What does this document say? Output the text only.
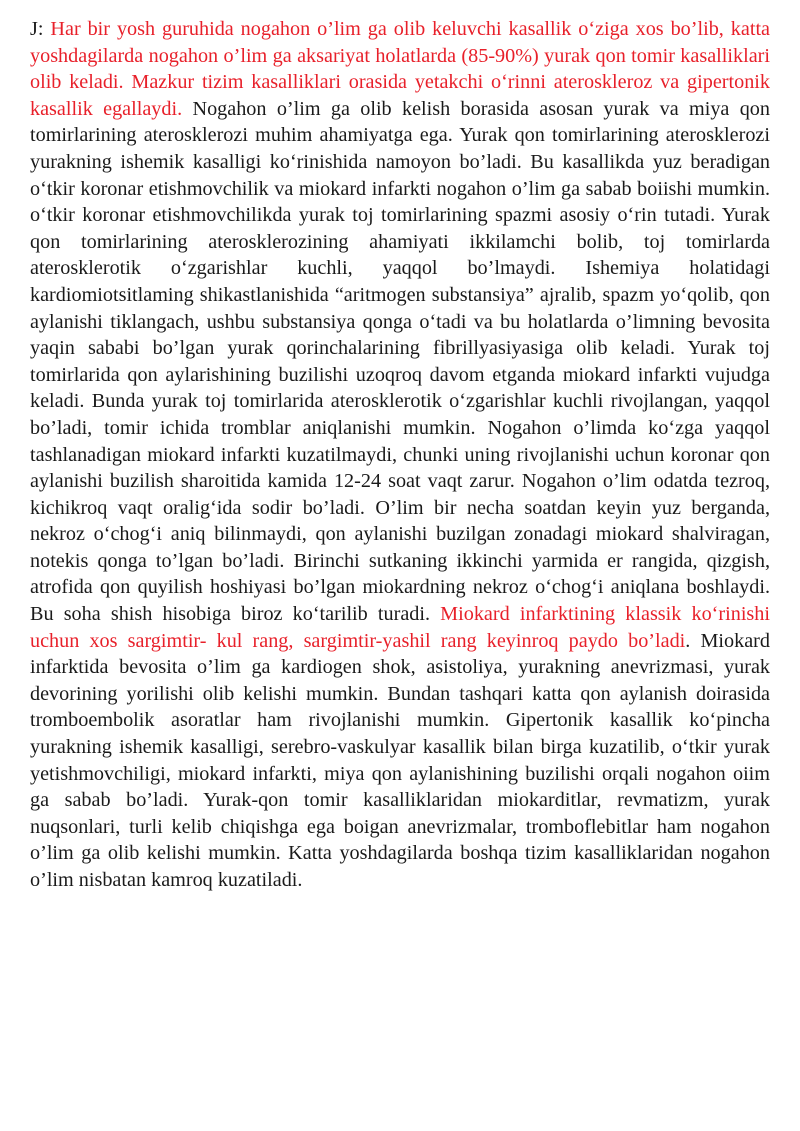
J: Har bir yosh guruhida nogahon o’lim ga olib keluvchi kasallik o‘ziga xos bo’lib, katta yoshdagilarda nogahon o’lim ga aksariyat holatlarda (85-90%) yurak qon tomir kasalliklari olib keladi. Mazkur tizim kasalliklari orasida yetakchi o‘rinni ateroskleroz va gipertonik kasallik egallaydi. Nogahon o’lim ga olib kelish borasida asosan yurak va miya qon tomirlarining aterosklerozi muhim ahamiyatga ega. Yurak qon tomirlarining aterosklerozi yurakning ishemik kasalligi ko‘rinishida namoyon bo’ladi. Bu kasallikda yuz beradigan o‘tkir koronar etishmovchilik va miokard infarkti nogahon o’lim ga sabab boiishi mumkin. o‘tkir koronar etishmovchilikda yurak toj tomirlarining spazmi asosiy o‘rin tutadi. Yurak qon tomirlarining aterosklerozining ahamiyati ikkilamchi bolib, toj tomirlarda aterosklerotik o‘zgarishlar kuchli, yaqqol bo’lmaydi. Ishemiya holatidagi kardiomiotsitlaming shikastlanishida “aritmogen substansiya” ajralib, spazm yo‘qolib, qon aylanishi tiklangach, ushbu substansiya qonga o‘tadi va bu holatlarda o’limning bevosita yaqin sababi bo’lgan yurak qorinchalarining fibrillyasiyasiga olib keladi. Yurak toj tomirlarida qon aylarishining buzilishi uzoqroq davom etganda miokard infarkti vujudga keladi. Bunda yurak toj tomirlarida aterosklerotik o‘zgarishlar kuchli rivojlangan, yaqqol bo’ladi, tomir ichida tromblar aniqlanishi mumkin. Nogahon o’limda ko‘zga yaqqol tashlanadigan miokard infarkti kuzatilmaydi, chunki uning rivojlanishi uchun koronar qon aylanishi buzilish sharoitida kamida 12-24 soat vaqt zarur. Nogahon o’lim odatda tezroq, kichikroq vaqt oralig‘ida sodir bo’ladi. O’lim bir necha soatdan keyin yuz berganda, nekroz o‘chog‘i aniq bilinmaydi, qon aylanishi buzilgan zonadagi miokard shalviragan, notekis qonga to’lgan bo’ladi. Birinchi sutkaning ikkinchi yarmida er rangida, qizgish, atrofida qon quyilish hoshiyasi bo’lgan miokardning nekroz o‘chog‘i aniqlana boshlaydi. Bu soha shish hisobiga biroz ko‘tarilib turadi. Miokard infarktining klassik ko‘rinishi uchun xos sargimtir- kul rang, sargimtir-yashil rang keyinroq paydo bo’ladi. Miokard infarktida bevosita o’lim ga kardiogen shok, asistoliya, yurakning anevrizmasi, yurak devorining yorilishi olib kelishi mumkin. Bundan tashqari katta qon aylanish doirasida tromboembolik asoratlar ham rivojlanishi mumkin. Gipertonik kasallik ko‘pincha yurakning ishemik kasalligi, serebro-vaskulyar kasallik bilan birga kuzatilib, o‘tkir yurak yetishmovchiligi, miokard infarkti, miya qon aylanishining buzilishi orqali nogahon oiim ga sabab bo’ladi. Yurak-qon tomir kasalliklaridan miokarditlar, revmatizm, yurak nuqsonlari, turli kelib chiqishga ega boigan anevrizmalar, tromboflebitlar ham nogahon o’lim ga olib kelishi mumkin. Katta yoshdagilarda boshqa tizim kasalliklaridan nogahon o’lim nisbatan kamroq kuzatiladi.
